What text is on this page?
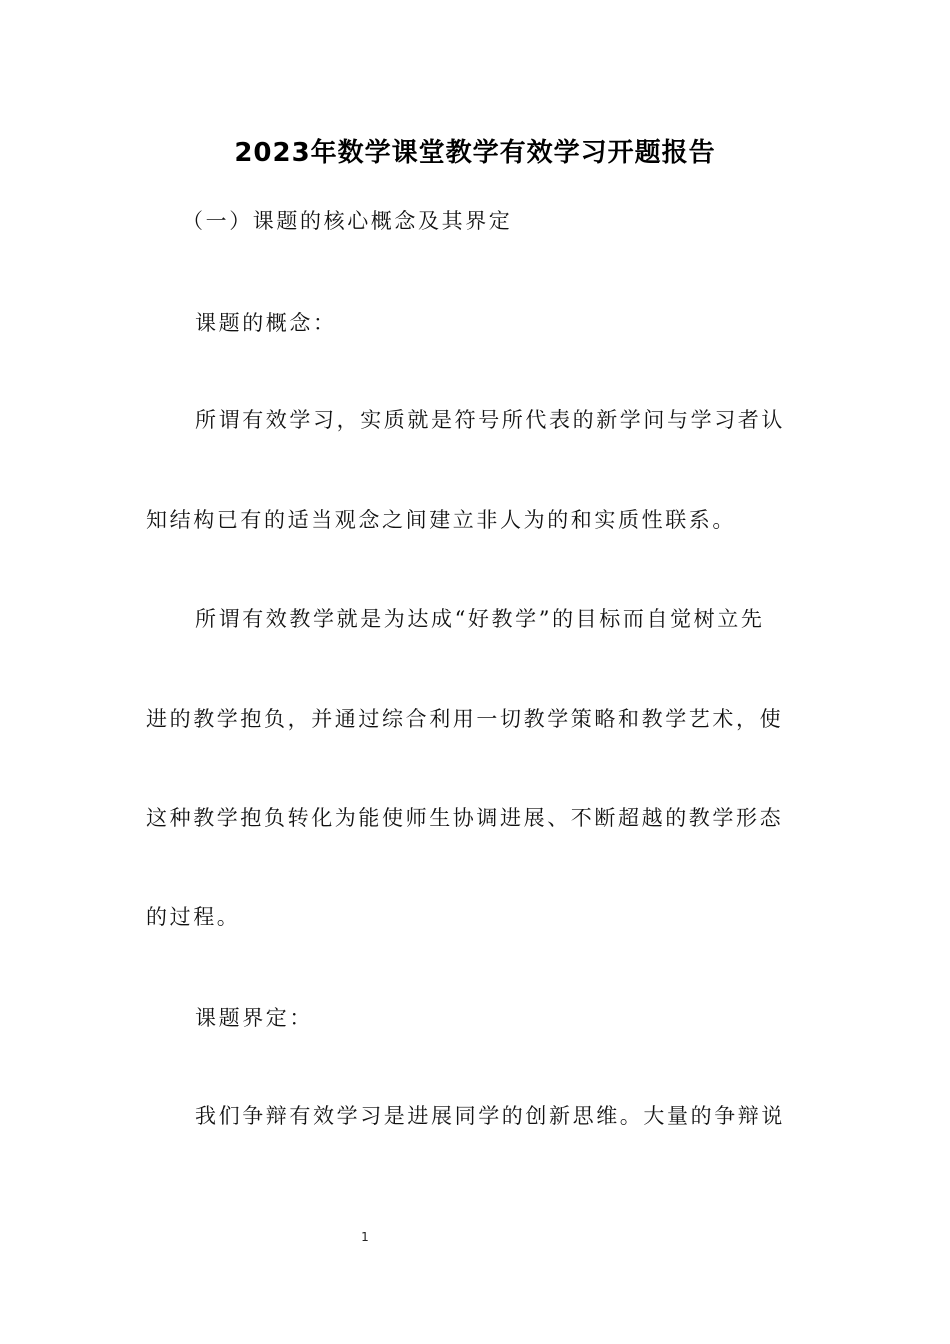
2023年数学课堂教学有效学习开题报告
（一）课题的核心概念及其界定
课题的概念：
所谓有效学习，实质就是符号所代表的新学问与学习者认
知结构已有的适当观念之间建立非人为的和实质性联系。
所谓有效教学就是为达成“好教学”的目标而自觉树立先
进的教学抱负，并通过综合利用一切教学策略和教学艺术，使
这种教学抱负转化为能使师生协调进展、不断超越的教学形态
的过程。
课题界定：
我们争辩有效学习是进展同学的创新思维。大量的争辩说
1
